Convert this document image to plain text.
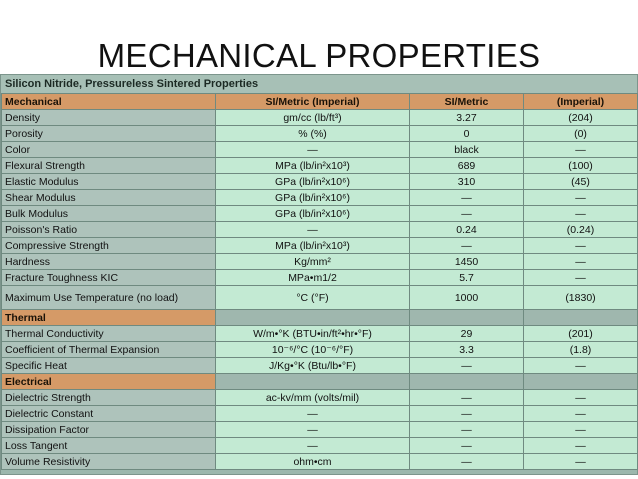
MECHANICAL PROPERTIES
Silicon Nitride, Pressureless Sintered Properties
Mechanical	SI/Metric (Imperial)	SI/Metric	(Imperial)
Density	gm/cc (lb/ft³)	3.27	(204)
Porosity	% (%)	0	(0)
Color	—	black	—
Flexural Strength	MPa (lb/in²x10³)	689	(100)
Elastic Modulus	GPa (lb/in²x10⁶)	310	(45)
Shear Modulus	GPa (lb/in²x10⁶)	—	—
Bulk Modulus	GPa (lb/in²x10⁶)	—	—
Poisson's Ratio	—	0.24	(0.24)
Compressive Strength	MPa (lb/in²x10³)	—	—
Hardness	Kg/mm²	1450	—
Fracture Toughness KIC	MPa•m1/2	5.7	—
Maximum Use Temperature (no load)	°C (°F)	1000	(1830)
Thermal			
Thermal Conductivity	W/m•°K (BTU•in/ft²•hr•°F)	29	(201)
Coefficient of Thermal Expansion	10⁻⁶/°C (10⁻⁶/°F)	3.3	(1.8)
Specific Heat	J/Kg•°K (Btu/lb•°F)	—	—
Electrical			
Dielectric Strength	ac-kv/mm (volts/mil)	—	—
Dielectric Constant	—	—	—
Dissipation Factor	—	—	—
Loss Tangent	—	—	—
Volume Resistivity	ohm•cm	—	—
